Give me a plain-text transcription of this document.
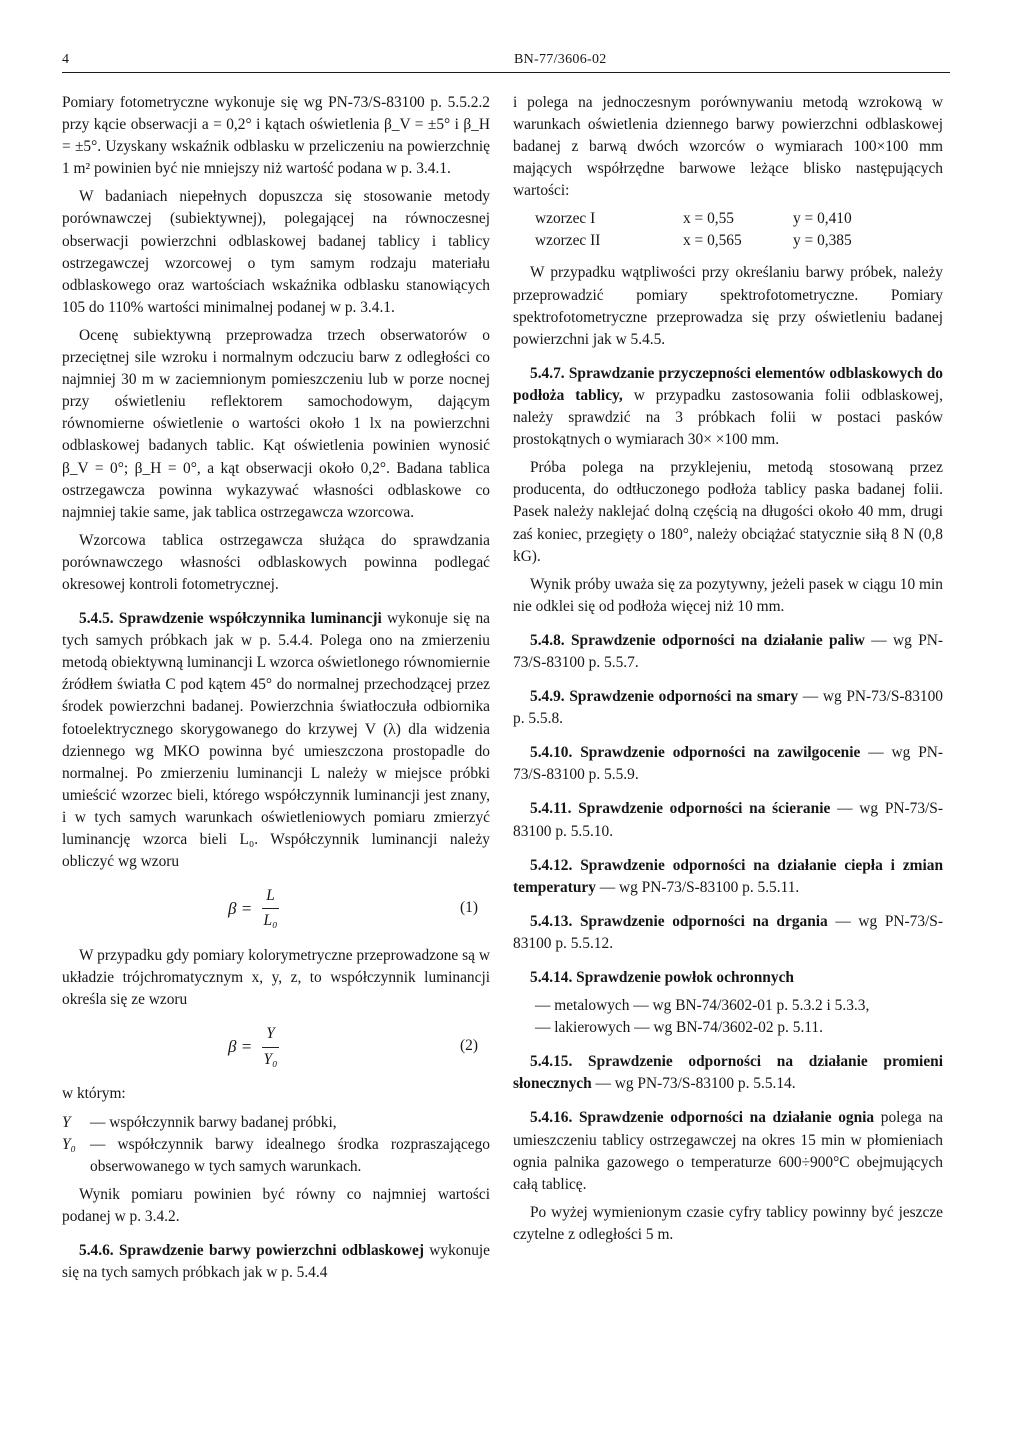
4	BN-77/3606-02

Pomiary fotometryczne wykonuje się wg PN-73/S-83100 p. 5.5.2.2 przy kącie obserwacji a = 0,2° i kątach oświetlenia β_V = ±5° i β_H = ±5°. Uzyskany wskaźnik odblasku w przeliczeniu na powierzchnię 1 m² powinien być nie mniejszy niż wartość podana w p. 3.4.1.

W badaniach niepełnych dopuszcza się stosowanie metody porównawczej (subiektywnej), polegającej na równoczesnej obserwacji powierzchni odblaskowej badanej tablicy i tablicy ostrzegawczej wzorcowej o tym samym rodzaju materiału odblaskowego oraz wartościach wskaźnika odblasku stanowiących 105 do 110% wartości minimalnej podanej w p. 3.4.1.

Ocenę subiektywną przeprowadza trzech obserwatorów o przeciętnej sile wzroku i normalnym odczuciu barw z odległości co najmniej 30 m w zaciemnionym pomieszczeniu lub w porze nocnej przy oświetleniu reflektorem samochodowym, dającym równomierne oświetlenie o wartości około 1 lx na powierzchni odblaskowej badanych tablic. Kąt oświetlenia powinien wynosić β_V = 0°; β_H = 0°, a kąt obserwacji około 0,2°. Badana tablica ostrzegawcza powinna wykazywać własności odblaskowe co najmniej takie same, jak tablica ostrzegawcza wzorcowa.

Wzorcowa tablica ostrzegawcza służąca do sprawdzania porównawczego własności odblaskowych powinna podlegać okresowej kontroli fotometrycznej.

5.4.5. Sprawdzenie współczynnika luminancji wykonuje się na tych samych próbkach jak w p. 5.4.4. Polega ono na zmierzeniu metodą obiektywną luminancji L wzorca oświetlonego równomiernie źródłem światła C pod kątem 45° do normalnej przechodzącej przez środek powierzchni badanej. Powierzchnia światłoczuła odbiornika fotoelektrycznego skorygowanego do krzywej V (λ) dla widzenia dziennego wg MKO powinna być umieszczona prostopadle do normalnej. Po zmierzeniu luminancji L należy w miejsce próbki umieścić wzorzec bieli, którego współczynnik luminancji jest znany, i w tych samych warunkach oświetleniowych pomiaru zmierzyć luminancję wzorca bieli L₀. Współczynnik luminancji należy obliczyć wg wzoru

$\beta = \frac{L}{\text{L₀}}$	(1)

W przypadku gdy pomiary kolorymetryczne przeprowadzone są w układzie trójchromatycznym x, y, z, to współczynnik luminancji określa się ze wzoru

$\beta = \frac{Y}{\text{Y₀}}$	(2)

w którym:

Y	— współczynnik barwy badanej próbki,
Y₀ — współczynnik barwy idealnego środka rozpraszającego obserwowanego w tych samych warunkach.

Wynik pomiaru powinien być równy co najmniej wartości podanej w p. 3.4.2.

5.4.6. Sprawdzenie barwy powierzchni odblaskowej wykonuje się na tych samych próbkach jak w p. 5.4.4

i polega na jednoczesnym porównywaniu metodą wzrokową w warunkach oświetlenia dziennego barwy powierzchni odblaskowej badanej z barwą dwóch wzorców o wymiarach 100×100 mm mających współrzędne barwowe leżące blisko następujących wartości:

wzorzec I	x = 0,55	y = 0,410
wzorzec II	x = 0,565	y = 0,385

W przypadku wątpliwości przy określaniu barwy próbek, należy przeprowadzić pomiary spektrofotometryczne. Pomiary spektrofotometryczne przeprowadza się przy oświetleniu badanej powierzchni jak w 5.4.5.

5.4.7. Sprawdzanie przyczepności elementów odblaskowych do podłoża tablicy, w przypadku zastosowania folii odblaskowej, należy sprawdzić na 3 próbkach folii w postaci pasków prostokątnych o wymiarach 30× ×100 mm.

Próba polega na przyklejeniu, metodą stosowaną przez producenta, do odtłuczonego podłoża tablicy paska badanej folii. Pasek należy naklejać dolną częścią na długości około 40 mm, drugi zaś koniec, przegięty o 180°, należy obciążać statycznie siłą 8 N (0,8 kG).

Wynik próby uważa się za pozytywny, jeżeli pasek w ciągu 10 min nie odklei się od podłoża więcej niż 10 mm.

5.4.8. Sprawdzenie odporności na działanie paliw — wg PN-73/S-83100 p. 5.5.7.

5.4.9. Sprawdzenie odporności na smary — wg PN-73/S-83100 p. 5.5.8.

5.4.10. Sprawdzenie odporności na zawilgocenie — wg PN-73/S-83100 p. 5.5.9.

5.4.11. Sprawdzenie odporności na ścieranie — wg PN-73/S-83100 p. 5.5.10.

5.4.12. Sprawdzenie odporności na działanie ciepła i zmian temperatury — wg PN-73/S-83100 p. 5.5.11.

5.4.13. Sprawdzenie odporności na drgania — wg PN-73/S-83100 p. 5.5.12.

5.4.14. Sprawdzenie powłok ochronnych

— metalowych — wg BN-74/3602-01 p. 5.3.2 i 5.3.3,
— lakierowych — wg BN-74/3602-02 p. 5.11.

5.4.15. Sprawdzenie odporności na działanie promieni słonecznych — wg PN-73/S-83100 p. 5.5.14.

5.4.16. Sprawdzenie odporności na działanie ognia polega na umieszczeniu tablicy ostrzegawczej na okres 15 min w płomieniach ognia palnika gazowego o temperaturze 600÷900°C obejmujących całą tablicę.

Po wyżej wymienionym czasie cyfry tablicy powinny być jeszcze czytelne z odległości 5 m.
